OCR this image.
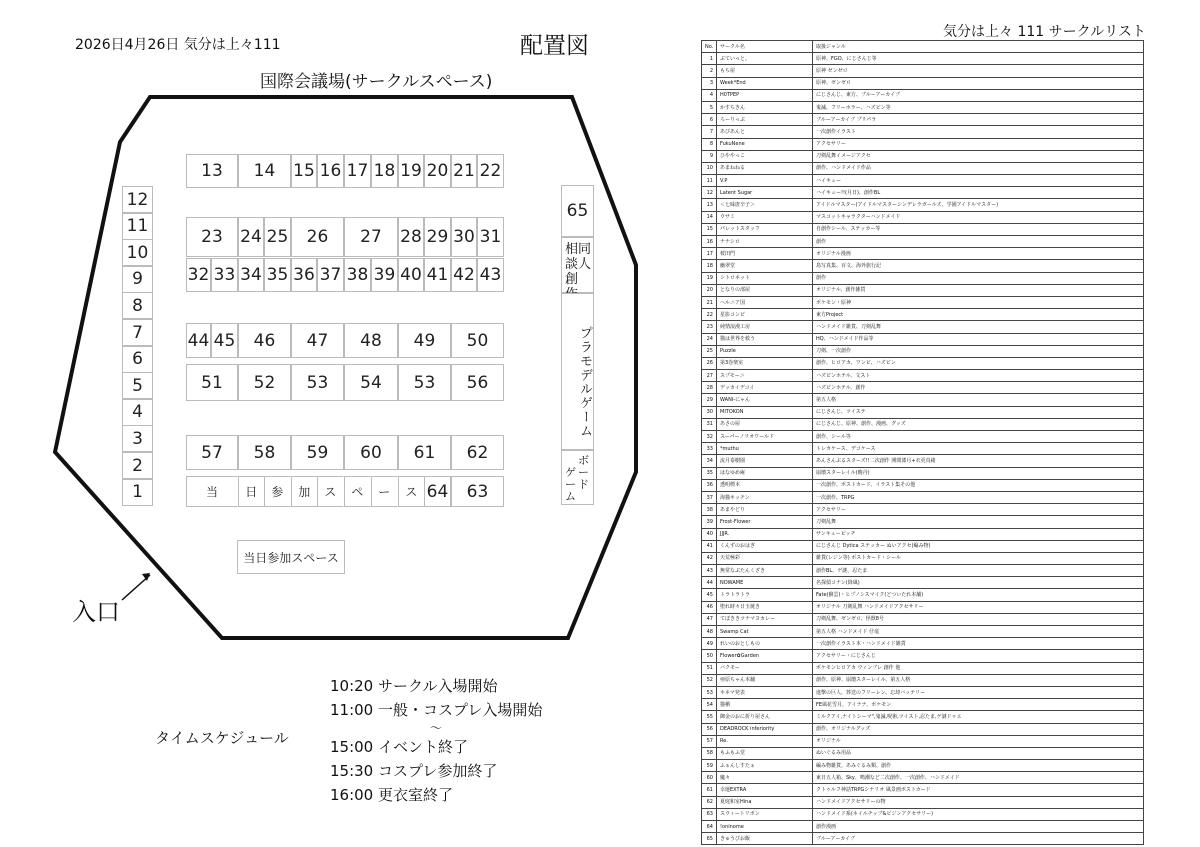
2026日4月26日 気分は上々111	配置図
国際会議場(サークルスペース)
入口
13	14	15 16 17 18 19 20 21 22
23	24 25	26	27	28 29 30 31
32 33 34 35 36 37 38 39 40 41 42 43
44 45	46	47	48	49	50
51	52	53	54	53	56
57	58	59	60	61	62
12
11
10
9
8
7
6
5
4
3
2
1	当	日	参	加	ス	ペ	ー	ス 64	63
65
同
人
相
談
創

プラモデルゲーム
ボ
ー
ド
ゲ
ー
ム
当日参加スペース
タイムスケジュール
10:20 サークル入場開始
11:00 一般・コスプレ入場開始
〜
15:00 イベント終了
15:30 コスプレ参加終了
16:00 更衣室終了
気分は上々 111 サークルリスト
No.	サークル名	取扱ジャンル
1	ぶていっと。	原神、FGO、にじさんじ等
2	もち屋	原神 ゼンゼロ
3	Week*End	原神、ゼンゼロ
4	H0TPEP	にじさんじ、東方、ブルーアーカイブ
5	かすちきん	鬼滅、フリーホラー、ハズビン等
6	ろーりっぷ	ブルーアーカイブ プリパラ
7	あびあんと	一次創作イラスト
8	FukuNene	アクセサリー
9	ひややっこ	刀剣乱舞イメージアクセ
10	あまねねる	創作、ハンドメイド作品
11	V.P	ハイキュー
12	Latent Sugar	ハイキュー!!(月日)、創作BL
13	＜七味唐辛子＞	アイドルマスター(アイドルマスターシンデレラガールズ、学園アイドルマスター)
14	ウサミ	マスコットキャラクターハンドメイド
15	パレットスタッフ	自創作シール、ステッカー等
16	ナナシロ	創作
17	桜田門	オリジナル漫画
18	幽翠堂	鳥写真集、百文、海外旅行記
19	シトロネット	創作
20	となりの部屋	オリジナル、創作雑貨
21	ヘルニア国	ポケモン・原神
22	星影コンピ	東方Project
23	純情浪漫工房	ハンドメイド雑貨、刀剣乱舞
24	猫は世界を救う	HQ、ハンドメイド作品等
25	Puzzle	刀剣、一次創作
26	第3巻楽室	創作、ヒロアカ、ワンピ、ハズビン
27	スプモーニ	ハズビンホテル、文スト
28	デッカイデコイ	ハズビンホテル、創作
29	WANI-にゃん	第五人格
30	MITOKON	にじさんじ、ツイステ
31	あさの屋	にじさんじ、原神、創作、漫画、グッズ
32	スーパーノリオワールド	創作、シール等
33	*muthu	トレカケース、デコケース
34	流月泰樹園	あんさんぶるスターズ!!二次創作 開閉漆月+衣更真緒
35	はなゆめ庵	崩壊スターレイル(暁丹)
36	透明標本	一次創作、ポストカード、イラスト集その他
37	海猫キッチン	一次創作、TRPG
38	あまやどり	アクセサリー
39	Frost-Flower	刀剣乱舞
40	JJJR.	サンキューピッチ
41	くんずのおはぎ	にじさんじ Dytica ステッカー ぬいアクセ(編み物)
42	天荒極彩	雑貨(レジン等) ポストカード・シール
43	無常なぶたんくざき	創作BL、ゲ謎、忍たま
44	NOWAME	名探偵コナン(降風)
45	トラトラトラ	Fate(蘇雲)・ヒプノシスマイク(どついたれ本舗)
46	堕れ時々日玉焼き	オリジナル 刀剣乱舞 ハンドメイドアクセサリー
47	てぼききツナマヨカレー	刀剣乱舞、ゼンゼロ、怪獣8号
48	Swamp Cat	第五人格 ハンドメイド 仔竜
49	れいのおとしもの	一次創作イラスト本・ハンドメイド雑貨
50	Flower✿Garden	アクセサリー・にじさんじ
51	バクモー	ポケモンヒロアカ ウィンブレ 創作 他
52	亜原ちゃん本舗	創作、原神、崩壊スターレイル、第五人格
53	キネマ発表	進撃の巨人、葬送のフリーレン、忘却バッテリー
54	猫栖	FE風花雪月、アイナナ、ポケモン
55	御金のおに折り屋さん	ミルクアイ,ナイトシーマ",鬼滅,呪術,ツイスト,忍たま,ゲ謎ドゥエ
56	DEADROCK inferiority	創作、オリジナルグッズ
57	Re.	オリジナル
58	もふもふ堂	ぬいぐるみ用品
59	ふぁんしすたぁ	編み物雑貨、あみぐるみ類、創作
60	魔々	東日五人箱、Sky、鳴潮など二次創作、一次創作、ハンドメイド
61	幸運EXTRA	クトゥルフ神話TRPGシナリオ 風景画ポストカード
62	夏庭和室Hina	ハンドメイドアクセサリーの物
63	スウィートリボン	ハンドメイド系(ネイルチップ&ビジンアクセサリー)
64	!oninome	創作漫画
65	きゅうびお飯	ブルーアーカイブ
